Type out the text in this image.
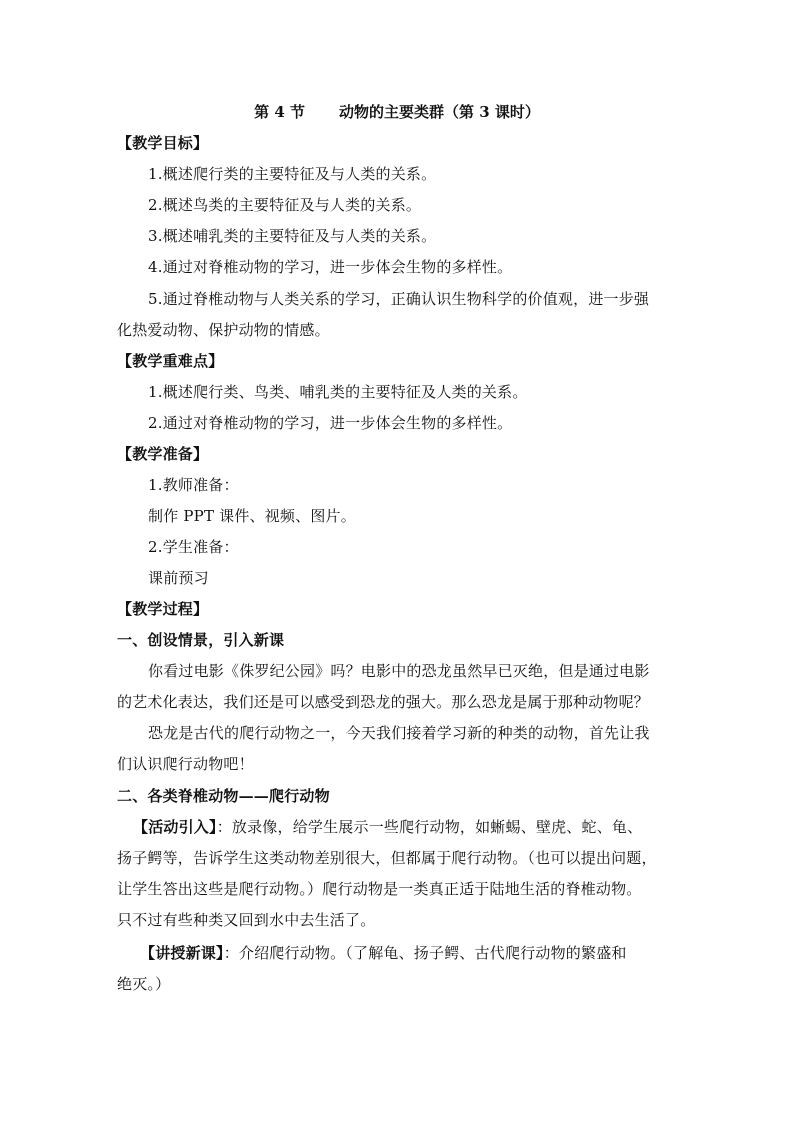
第 4 节 动物的主要类群（第 3 课时）
【教学目标】
1.概述爬行类的主要特征及与人类的关系。
2.概述鸟类的主要特征及与人类的关系。
3.概述哺乳类的主要特征及与人类的关系。
4.通过对脊椎动物的学习，进一步体会生物的多样性。
5.通过脊椎动物与人类关系的学习，正确认识生物科学的价值观，进一步强
化热爱动物、保护动物的情感。
【教学重难点】
1.概述爬行类、鸟类、哺乳类的主要特征及人类的关系。
2.通过对脊椎动物的学习，进一步体会生物的多样性。
【教学准备】
1.教师准备：
制作 PPT 课件、视频、图片。
2.学生准备：
课前预习
【教学过程】
一、创设情景，引入新课
你看过电影《侏罗纪公园》吗？电影中的恐龙虽然早已灭绝，但是通过电影
的艺术化表达，我们还是可以感受到恐龙的强大。那么恐龙是属于那种动物呢？
恐龙是古代的爬行动物之一，今天我们接着学习新的种类的动物，首先让我
们认识爬行动物吧！
二、各类脊椎动物——爬行动物
【活动引入】：放录像，给学生展示一些爬行动物，如蜥蜴、壁虎、蛇、龟、
扬子鳄等，告诉学生这类动物差别很大，但都属于爬行动物。（也可以提出问题，
让学生答出这些是爬行动物。）爬行动物是一类真正适于陆地生活的脊椎动物。
只不过有些种类又回到水中去生活了。
【讲授新课】：介绍爬行动物。（了解龟、扬子鳄、古代爬行动物的繁盛和
绝灭。）
